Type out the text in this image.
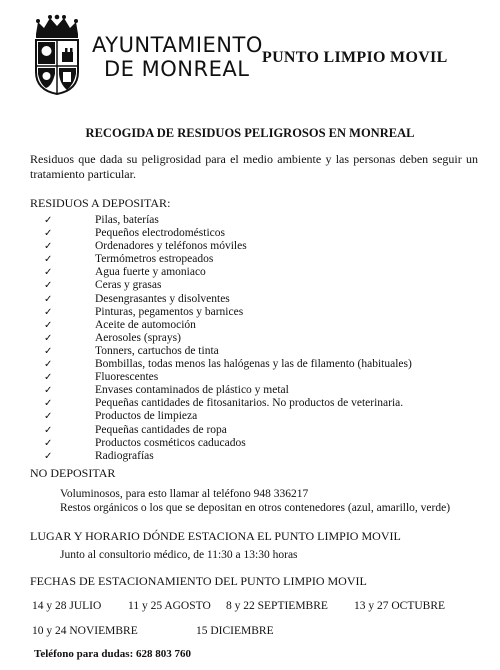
AYUNTAMIENTO
DE MONREAL PUNTO LIMPIO MOVIL
RECOGIDA DE RESIDUOS PELIGROSOS EN MONREAL
Residuos que dada su peligrosidad para el medio ambiente y las personas deben seguir un tratamiento particular.
RESIDUOS A DEPOSITAR:
✓	Pilas, baterías
✓	Pequeños electrodomésticos
✓	Ordenadores y teléfonos móviles
✓	Termómetros estropeados
✓	Agua fuerte y amoniaco
✓	Ceras y grasas
✓	Desengrasantes y disolventes
✓	Pinturas, pegamentos y barnices
✓	Aceite de automoción
✓	Aerosoles (sprays)
✓	Tonners, cartuchos de tinta
✓	Bombillas, todas menos las halógenas y las de filamento (habituales)
✓	Fluorescentes
✓	Envases contaminados de plástico y metal
✓	Pequeñas cantidades de fitosanitarios. No productos de veterinaria.
✓	Productos de limpieza
✓	Pequeñas cantidades de ropa
✓	Productos cosméticos caducados
✓	Radiografías
NO DEPOSITAR
Voluminosos, para esto llamar al teléfono 948 336217
Restos orgánicos o los que se depositan en otros contenedores (azul, amarillo, verde)
LUGAR Y HORARIO DÓNDE ESTACIONA EL PUNTO LIMPIO MOVIL
Junto al consultorio médico, de 11:30 a 13:30 horas
FECHAS DE ESTACIONAMIENTO DEL PUNTO LIMPIO MOVIL
14 y 28 JULIO 11 y 25 AGOSTO 8 y 22 SEPTIEMBRE 13 y 27 OCTUBRE
10 y 24 NOVIEMBRE	15 DICIEMBRE
Teléfono para dudas: 628 803 760
